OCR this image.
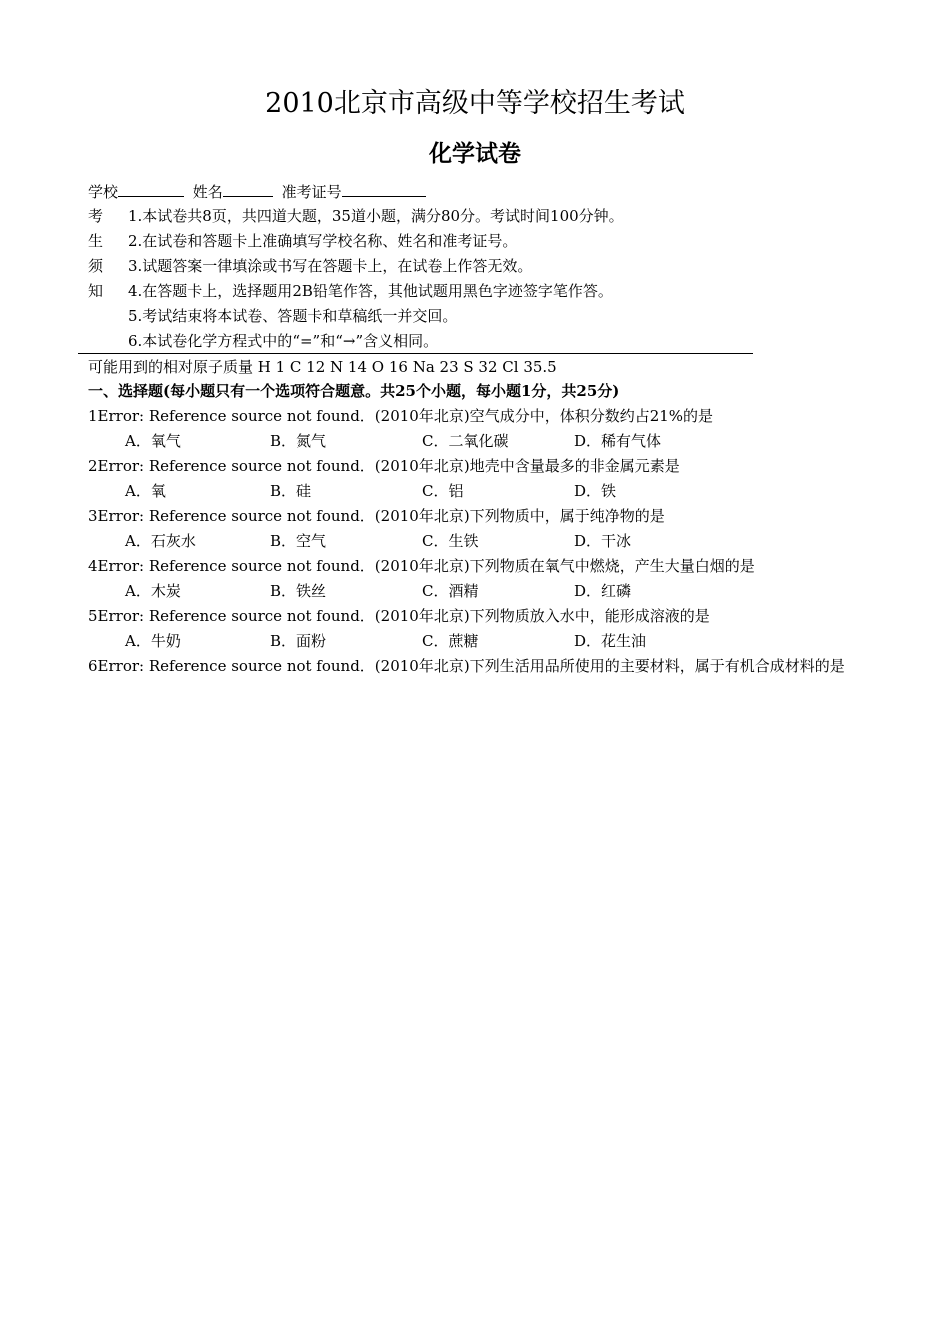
2010北京市高级中等学校招生考试
化学试卷
学校	姓名	准考证号
考 1.本试卷共8页，共四道大题，35道小题，满分80分。考试时间100分钟。
生 2.在试卷和答题卡上准确填写学校名称、姓名和准考证号。
须 3.试题答案一律填涂或书写在答题卡上，在试卷上作答无效。
知 4.在答题卡上，选择题用2B铅笔作答，其他试题用黑色字迹签字笔作答。
5.考试结束将本试卷、答题卡和草稿纸一并交回。
6.本试卷化学方程式中的“=”和“→”含义相同。
可能用到的相对原子质量 H 1 C 12 N 14 O 16 Na 23 S 32 Cl 35.5
一、选择题(每小题只有一个选项符合题意。共25个小题，每小题1分，共25分)
1Error: Reference source not found．(2010年北京)空气成分中，体积分数约占21%的是
A．氧气	B．氮气	C．二氧化碳	D．稀有气体
2Error: Reference source not found．(2010年北京)地壳中含量最多的非金属元素是
A．氧	B．硅	C．铝	D．铁
3Error: Reference source not found．(2010年北京)下列物质中，属于纯净物的是
A．石灰水	B．空气	C．生铁	D．干冰
4Error: Reference source not found．(2010年北京)下列物质在氧气中燃烧，产生大量白烟的是
A．木炭	B．铁丝	C．酒精	D．红磷
5Error: Reference source not found．(2010年北京)下列物质放入水中，能形成溶液的是
A．牛奶	B．面粉	C．蔗糖	D．花生油
6Error: Reference source not found．(2010年北京)下列生活用品所使用的主要材料，属于有机合成材料的是
